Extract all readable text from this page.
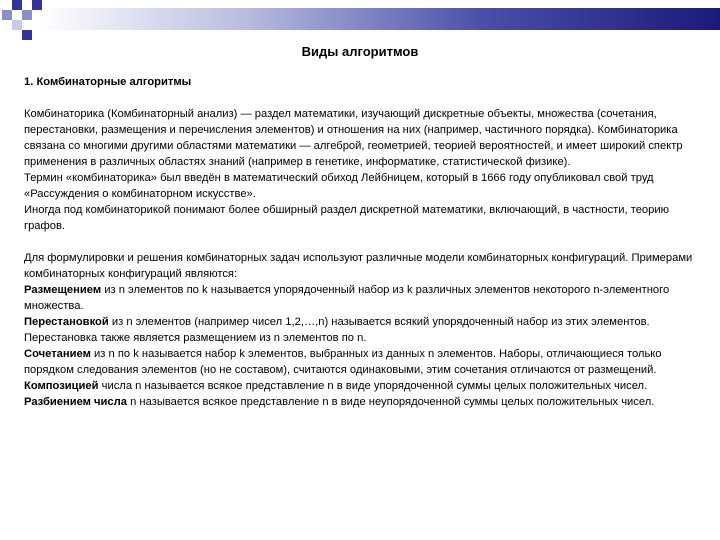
Виды алгоритмов
1. Комбинаторные алгоритмы

Комбинаторика (Комбинаторный анализ) — раздел математики, изучающий дискретные объекты, множества (сочетания, перестановки, размещения и перечисления элементов) и отношения на них (например, частичного порядка). Комбинаторика связана со многими другими областями математики — алгеброй, геометрией, теорией вероятностей, и имеет широкий спектр применения в различных областях знаний (например в генетике, информатике, статистической физике).

Термин «комбинаторика» был введён в математический обиход Лейбницем, который в 1666 году опубликовал свой труд «Рассуждения о комбинаторном искусстве».

Иногда под комбинаторикой понимают более обширный раздел дискретной математики, включающий, в частности, теорию графов.

Для формулировки и решения комбинаторных задач используют различные модели комбинаторных конфигураций. Примерами комбинаторных конфигураций являются:

Размещением из n элементов по k называется упорядоченный набор из k различных элементов некоторого n-элементного множества.

Перестановкой из n элементов (например чисел 1,2,…,n) называется всякий упорядоченный набор из этих элементов. Перестановка также является размещением из n элементов по n.

Сочетанием из n по k называется набор k элементов, выбранных из данных n элементов. Наборы, отличающиеся только порядком следования элементов (но не составом), считаются одинаковыми, этим сочетания отличаются от размещений.

Композицией числа n называется всякое представление n в виде упорядоченной суммы целых положительных чисел.

Разбиением числа n называется всякое представление n в виде неупорядоченной суммы целых положительных чисел.
